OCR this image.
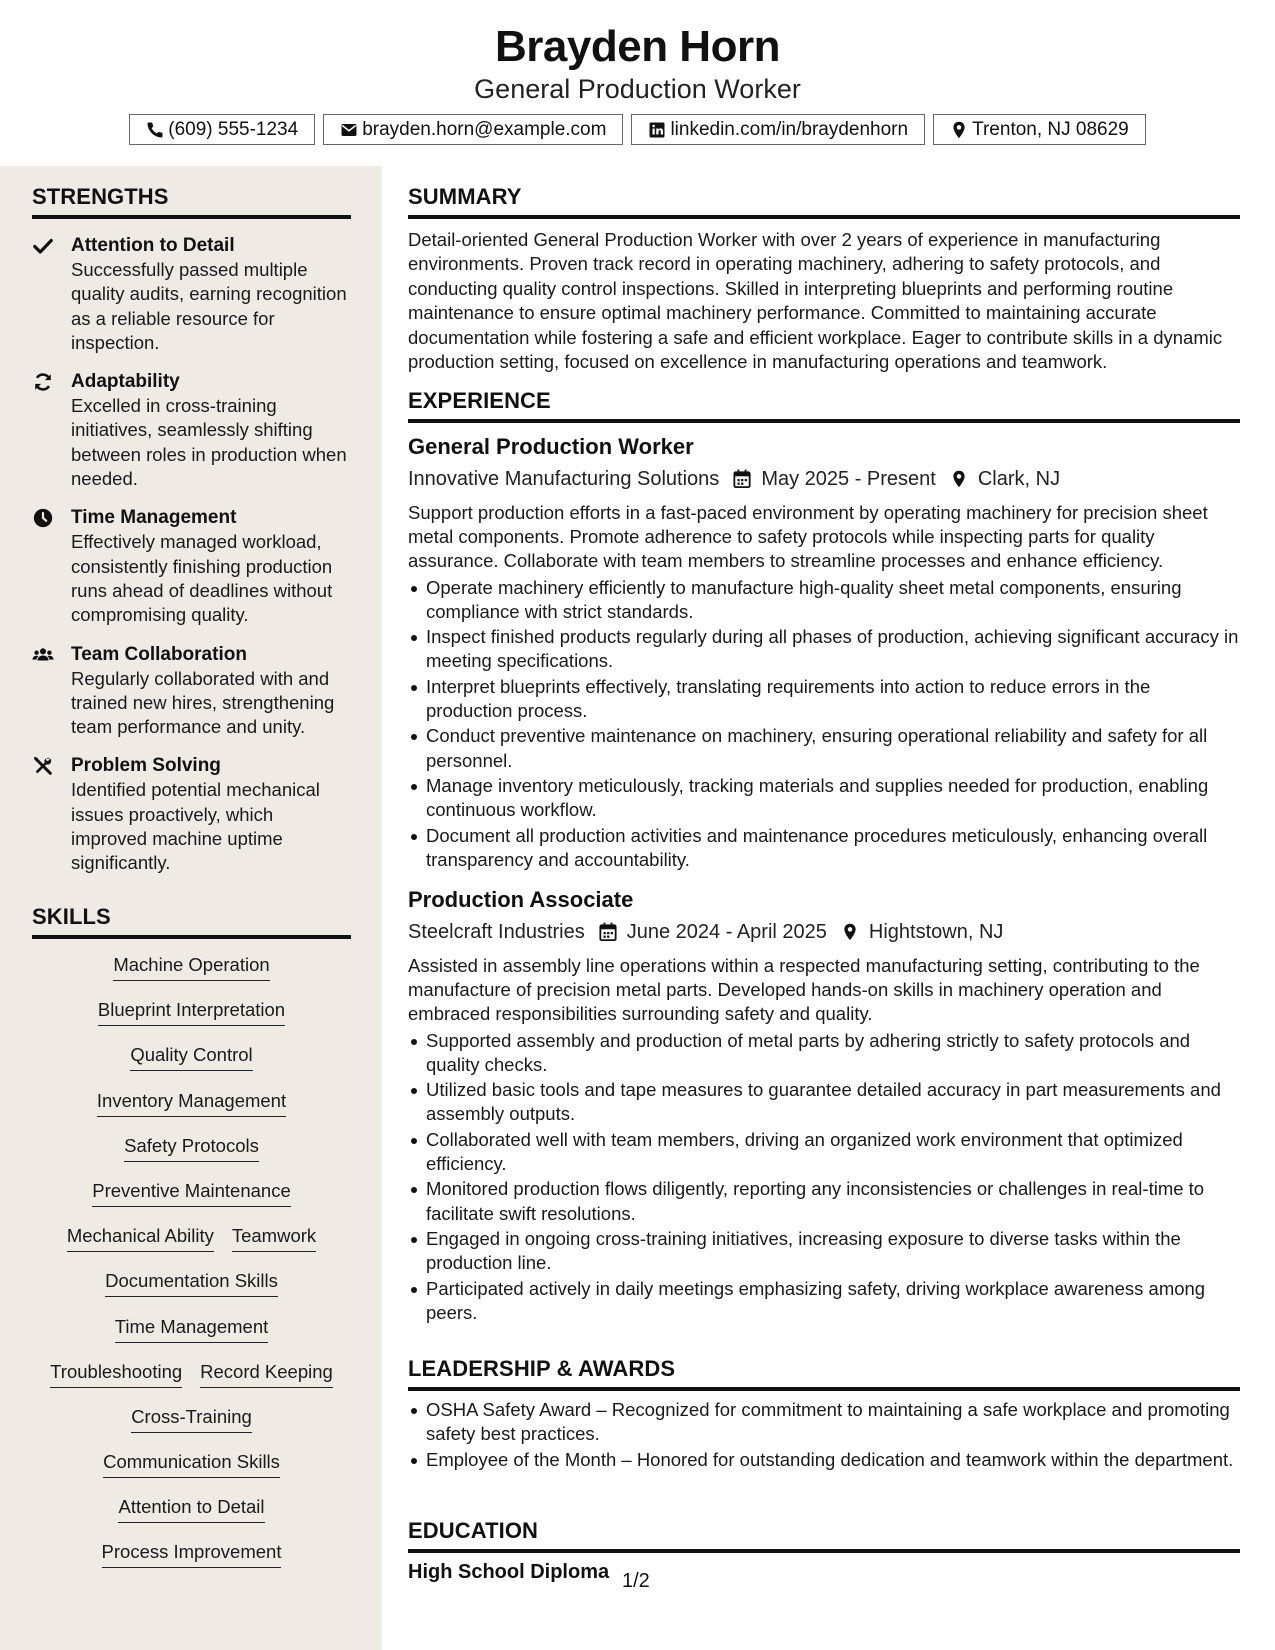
Brayden Horn
General Production Worker
(609) 555-1234	brayden.horn@example.com	linkedin.com/in/braydenhorn	Trenton, NJ 08629
STRENGTHS
Attention to Detail
Successfully passed multiple quality audits, earning recognition as a reliable resource for inspection.
Adaptability
Excelled in cross-training initiatives, seamlessly shifting between roles in production when needed.
Time Management
Effectively managed workload, consistently finishing production runs ahead of deadlines without compromising quality.
Team Collaboration
Regularly collaborated with and trained new hires, strengthening team performance and unity.
Problem Solving
Identified potential mechanical issues proactively, which improved machine uptime significantly.
SKILLS
Machine Operation
Blueprint Interpretation
Quality Control
Inventory Management
Safety Protocols
Preventive Maintenance
Mechanical Ability Teamwork
Documentation Skills
Time Management
Troubleshooting Record Keeping
Cross-Training
Communication Skills
Attention to Detail
Process Improvement
SUMMARY

Detail-oriented General Production Worker with over 2 years of experience in manufacturing environments. Proven track record in operating machinery, adhering to safety protocols, and conducting quality control inspections. Skilled in interpreting blueprints and performing routine maintenance to ensure optimal machinery performance. Committed to maintaining accurate documentation while fostering a safe and efficient workplace. Eager to contribute skills in a dynamic production setting, focused on excellence in manufacturing operations and teamwork.

EXPERIENCE
General Production Worker
Innovative Manufacturing Solutions May 2025 - Present Clark, NJ
Support production efforts in a fast-paced environment by operating machinery for precision sheet metal components. Promote adherence to safety protocols while inspecting parts for quality assurance. Collaborate with team members to streamline processes and enhance efficiency.
Operate machinery efficiently to manufacture high-quality sheet metal components, ensuring compliance with strict standards.
Inspect finished products regularly during all phases of production, achieving significant accuracy in meeting specifications.
Interpret blueprints effectively, translating requirements into action to reduce errors in the production process.
Conduct preventive maintenance on machinery, ensuring operational reliability and safety for all personnel.
Manage inventory meticulously, tracking materials and supplies needed for production, enabling continuous workflow.
Document all production activities and maintenance procedures meticulously, enhancing overall transparency and accountability.
Production Associate
Steelcraft Industries June 2024 - April 2025 Hightstown, NJ
Assisted in assembly line operations within a respected manufacturing setting, contributing to the manufacture of precision metal parts. Developed hands-on skills in machinery operation and embraced responsibilities surrounding safety and quality.
Supported assembly and production of metal parts by adhering strictly to safety protocols and quality checks.
Utilized basic tools and tape measures to guarantee detailed accuracy in part measurements and assembly outputs.
Collaborated well with team members, driving an organized work environment that optimized efficiency.
Monitored production flows diligently, reporting any inconsistencies or challenges in real-time to facilitate swift resolutions.
Engaged in ongoing cross-training initiatives, increasing exposure to diverse tasks within the production line.
Participated actively in daily meetings emphasizing safety, driving workplace awareness among peers.
LEADERSHIP & AWARDS
OSHA Safety Award – Recognized for commitment to maintaining a safe workplace and promoting safety best practices.
Employee of the Month – Honored for outstanding dedication and teamwork within the department.
EDUCATION
High School Diploma 1/2
